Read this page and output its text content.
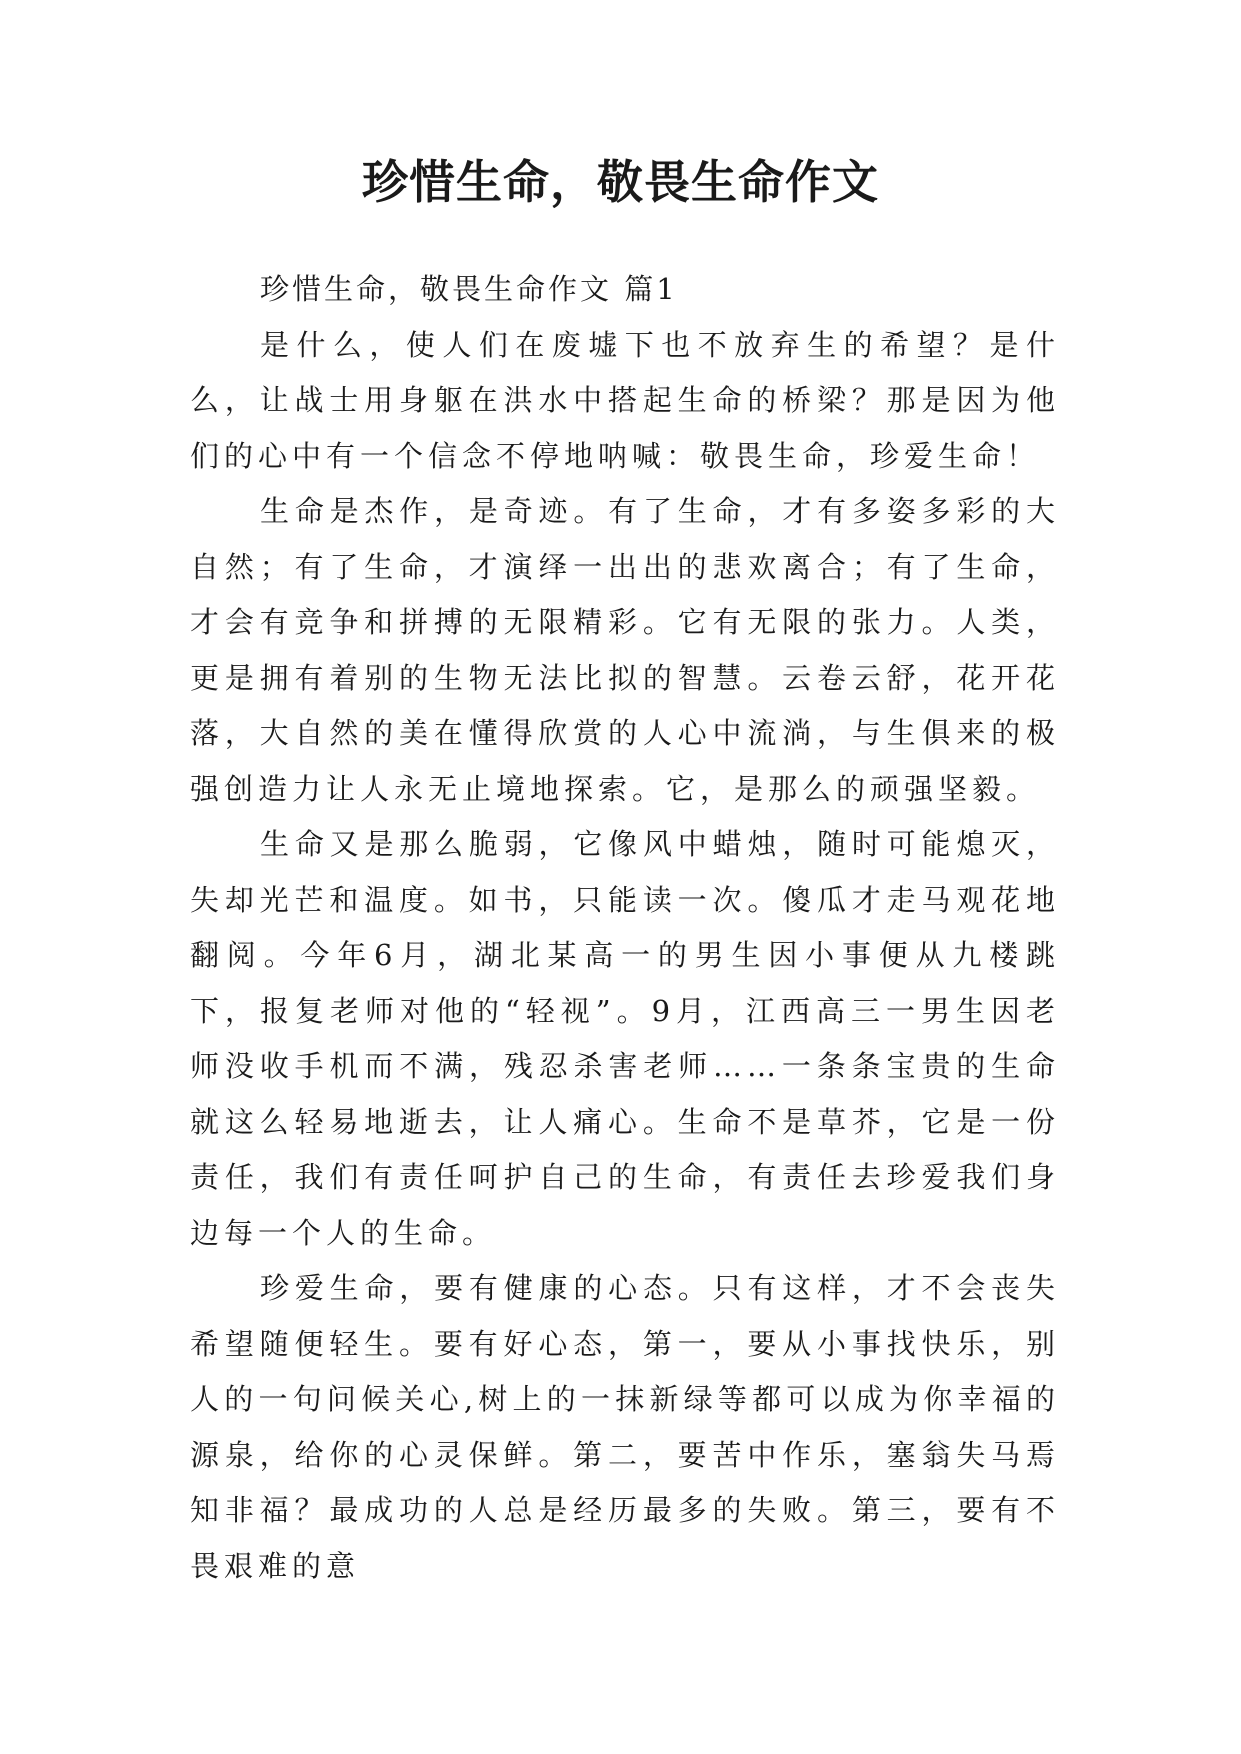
珍惜生命，敬畏生命作文

珍惜生命，敬畏生命作文 篇1

是什么，使人们在废墟下也不放弃生的希望？是什么，让战士用身躯在洪水中搭起生命的桥梁？那是因为他们的心中有一个信念不停地呐喊：敬畏生命，珍爱生命！

生命是杰作，是奇迹。有了生命，才有多姿多彩的大自然；有了生命，才演绎一出出的悲欢离合；有了生命，才会有竞争和拼搏的无限精彩。它有无限的张力。人类，更是拥有着别的生物无法比拟的智慧。云卷云舒，花开花落，大自然的美在懂得欣赏的人心中流淌，与生俱来的极强创造力让人永无止境地探索。它，是那么的顽强坚毅。

生命又是那么脆弱，它像风中蜡烛，随时可能熄灭，失却光芒和温度。如书，只能读一次。傻瓜才走马观花地翻阅。今年6月，湖北某高一的男生因小事便从九楼跳下，报复老师对他的“轻视”。9月，江西高三一男生因老师没收手机而不满，残忍杀害老师……一条条宝贵的生命就这么轻易地逝去，让人痛心。生命不是草芥，它是一份责任，我们有责任呵护自己的生命，有责任去珍爱我们身边每一个人的生命。

珍爱生命，要有健康的心态。只有这样，才不会丧失希望随便轻生。要有好心态，第一，要从小事找快乐，别人的一句问候关心,树上的一抹新绿等都可以成为你幸福的源泉，给你的心灵保鲜。第二，要苦中作乐，塞翁失马焉知非福？最成功的人总是经历最多的失败。第三，要有不畏艰难的意
